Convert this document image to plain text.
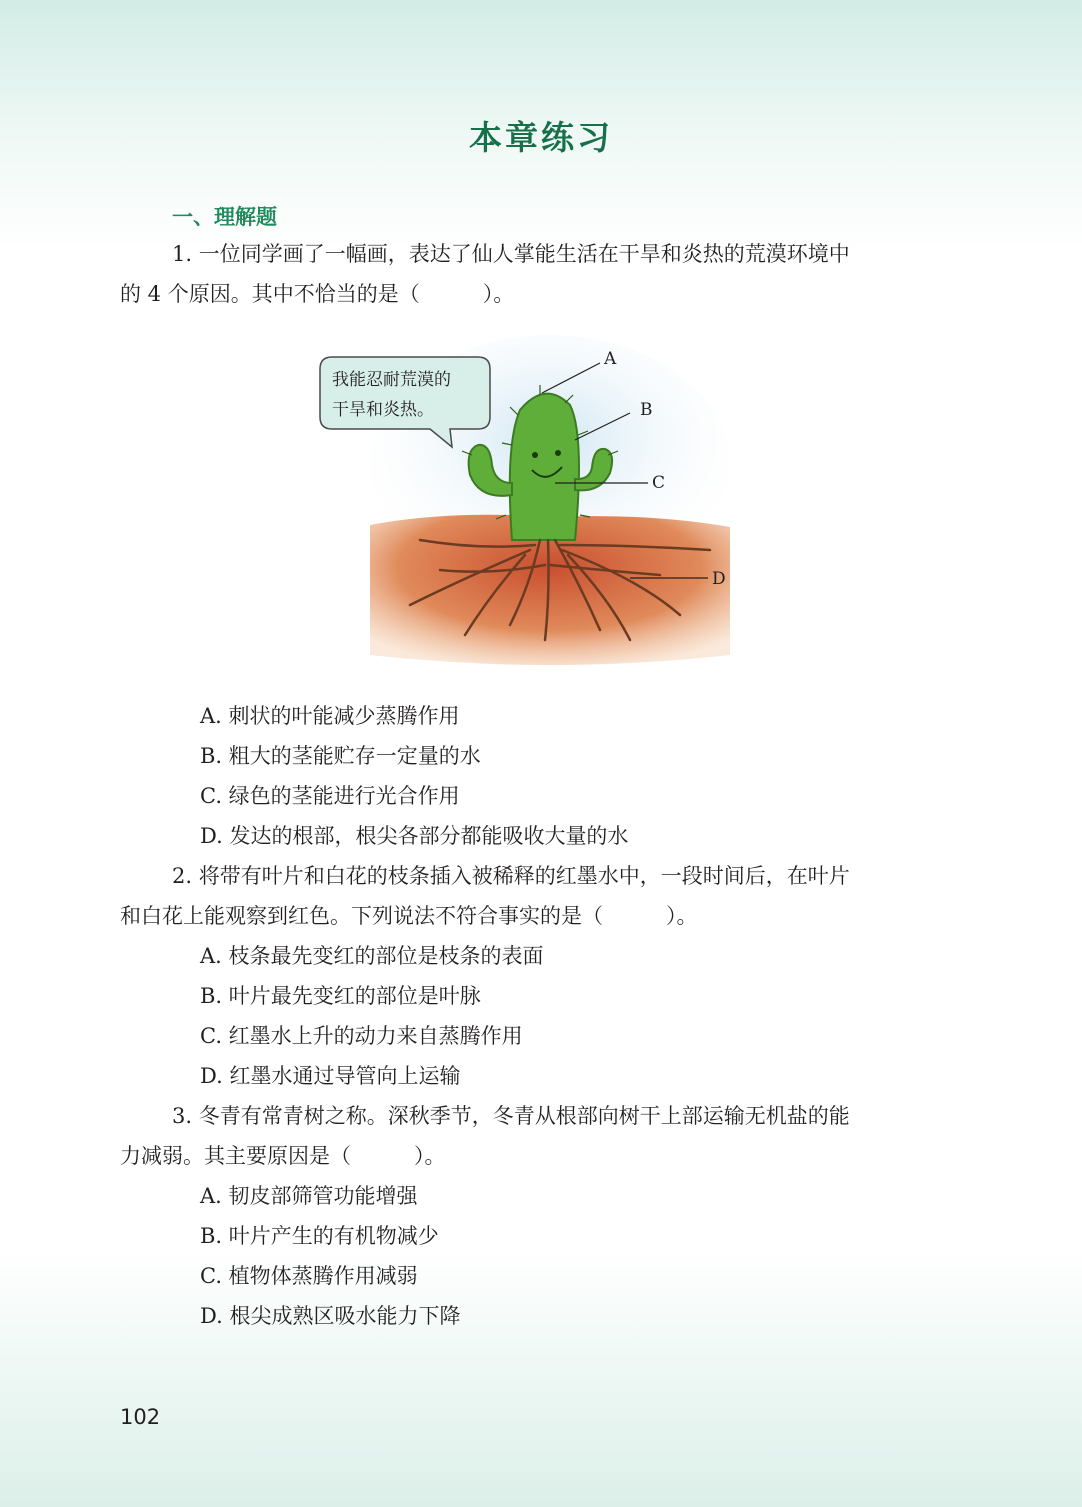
本章练习
一、理解题
1. 一位同学画了一幅画，表达了仙人掌能生活在干旱和炎热的荒漠环境中
的 4 个原因。其中不恰当的是（　　　）。
我能忍耐荒漠的
干旱和炎热。
A
B
C
D
A. 刺状的叶能减少蒸腾作用
B. 粗大的茎能贮存一定量的水
C. 绿色的茎能进行光合作用
D. 发达的根部，根尖各部分都能吸收大量的水
2. 将带有叶片和白花的枝条插入被稀释的红墨水中，一段时间后，在叶片
和白花上能观察到红色。下列说法不符合事实的是（　　　）。
A. 枝条最先变红的部位是枝条的表面
B. 叶片最先变红的部位是叶脉
C. 红墨水上升的动力来自蒸腾作用
D. 红墨水通过导管向上运输
3. 冬青有常青树之称。深秋季节，冬青从根部向树干上部运输无机盐的能
力减弱。其主要原因是（　　　）。
A. 韧皮部筛管功能增强
B. 叶片产生的有机物减少
C. 植物体蒸腾作用减弱
D. 根尖成熟区吸水能力下降
102
